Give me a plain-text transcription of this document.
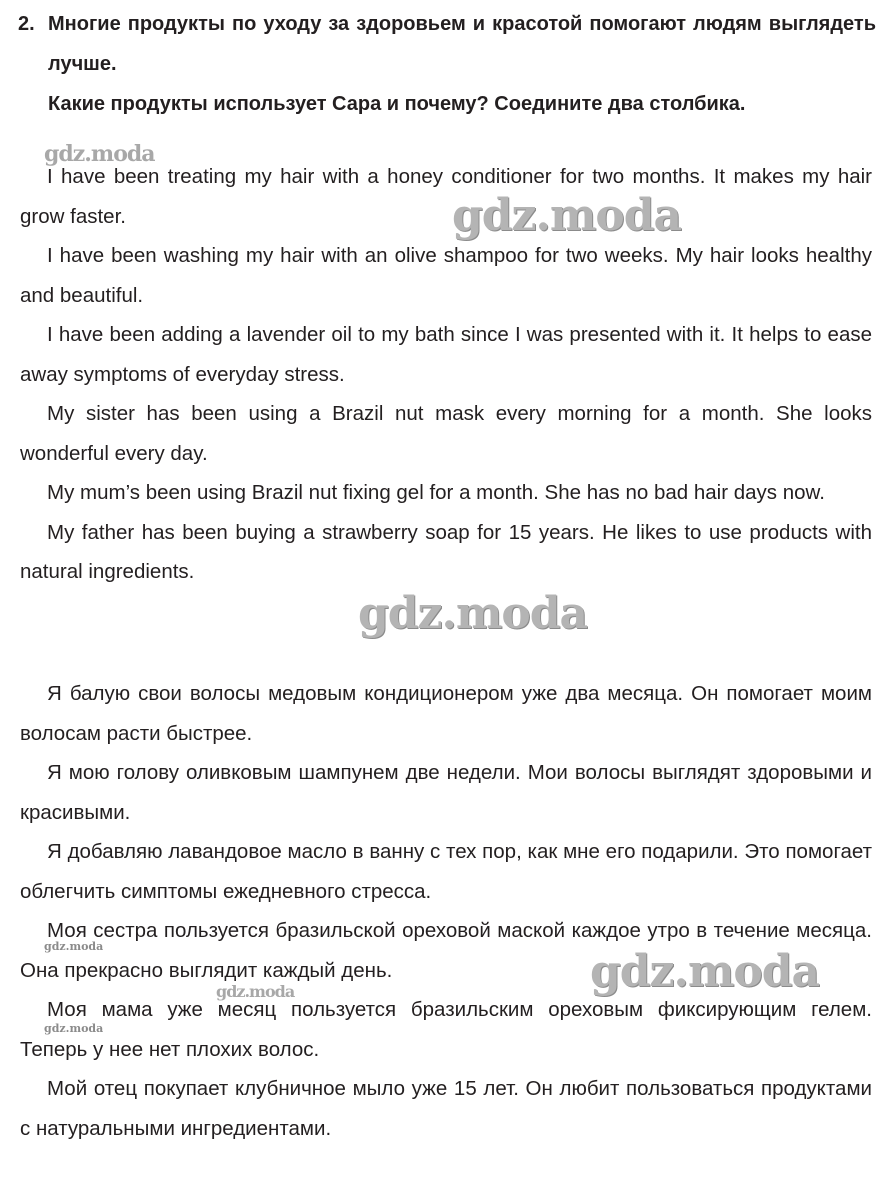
2. Многие продукты по уходу за здоровьем и красотой помогают людям выглядеть лучше.
Какие продукты использует Сара и почему? Соедините два столбика.

I have been treating my hair with a honey conditioner for two months. It makes my hair grow faster.

I have been washing my hair with an olive shampoo for two weeks. My hair looks healthy and beautiful.

I have been adding a lavender oil to my bath since I was presented with it. It helps to ease away symptoms of everyday stress.

My sister has been using a Brazil nut mask every morning for a month. She looks wonderful every day.

My mum’s been using Brazil nut fixing gel for a month. She has no bad hair days now.

My father has been buying a strawberry soap for 15 years. He likes to use products with natural ingredients.

Я балую свои волосы медовым кондиционером уже два месяца. Он помогает моим волосам расти быстрее.

Я мою голову оливковым шампунем две недели. Мои волосы выглядят здоровыми и красивыми.

Я добавляю лавандовое масло в ванну с тех пор, как мне его подарили. Это помогает облегчить симптомы ежедневного стресса.

Моя сестра пользуется бразильской ореховой маской каждое утро в течение месяца. Она прекрасно выглядит каждый день.

Моя мама уже месяц пользуется бразильским ореховым фиксирующим гелем. Теперь у нее нет плохих волос.

Мой отец покупает клубничное мыло уже 15 лет. Он любит пользоваться продуктами с натуральными ингредиентами.

gdz.moda
gdz.moda
gdz.moda
gdz.moda	gdz.moda
gdz.moda
gdz.moda
